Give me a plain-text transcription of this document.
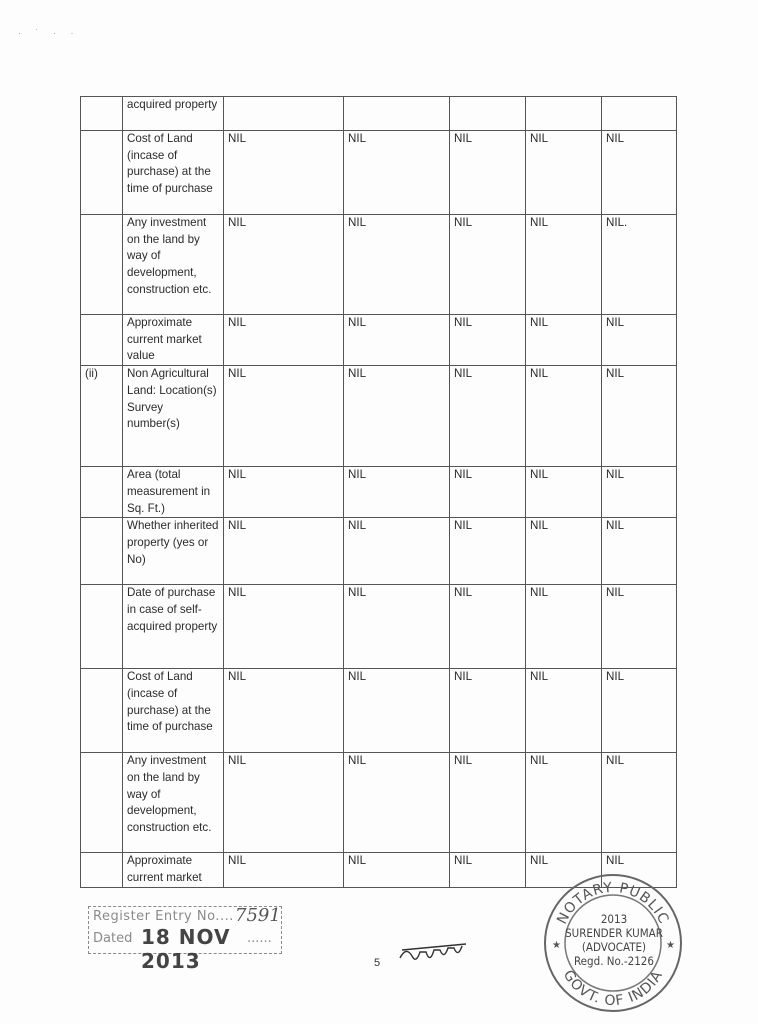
· ˙ · ·
	acquired property					
	Cost of Land (incase of purchase) at the time of purchase	NIL	NIL	NIL	NIL	NIL
	Any investment on the land by way of development, construction etc.	NIL	NIL	NIL	NIL	NIL.
	Approximate current market value	NIL	NIL	NIL	NIL	NIL
(ii)	Non Agricultural Land: Location(s) Survey number(s)	NIL	NIL	NIL	NIL	NIL
	Area (total measurement in Sq. Ft.)	NIL	NIL	NIL	NIL	NIL
	Whether inherited property (yes or No)	NIL	NIL	NIL	NIL	NIL
	Date of purchase in case of self-acquired property	NIL	NIL	NIL	NIL	NIL
	Cost of Land (incase of purchase) at the time of purchase	NIL	NIL	NIL	NIL	NIL
	Any investment on the land by way of development, construction etc.	NIL	NIL	NIL	NIL	NIL
	Approximate current market	NIL	NIL	NIL	NIL	NIL
Register Entry No.... 7591
Dated 18 NOV 2013
......
5
NOTARY PUBLIC
GOVT. OF INDIA
★	★
2013
SURENDER KUMAR
(ADVOCATE)
Regd. No.-2126
